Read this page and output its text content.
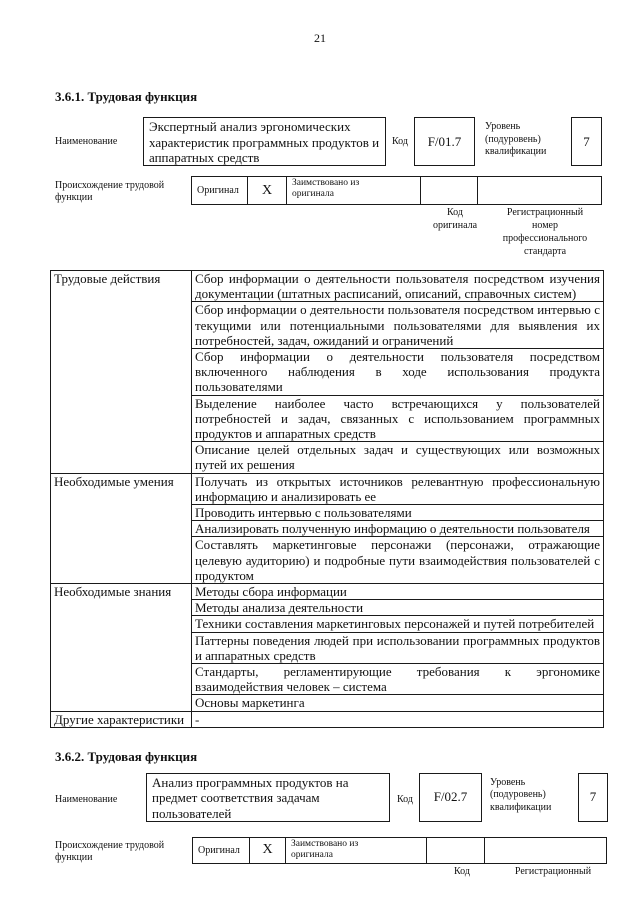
21
3.6.1. Трудовая функция
Наименование
Экспертный анализ эргономических характеристик программных продуктов и аппаратных средств
Код F/01.7
Уровень (подуровень) квалификации
7
Происхождение трудовой функции
Оригинал X Заимствовано из оригинала
Код оригинала
Регистрационный номер профессионального стандарта
Трудовые действия	Сбор информации о деятельности пользователя посредством изучения документации (штатных расписаний, описаний, справочных систем)
	Сбор информации о деятельности пользователя посредством интервью с текущими или потенциальными пользователями для выявления их потребностей, задач, ожиданий и ограничений
	Сбор информации о деятельности пользователя посредством включенного наблюдения в ходе использования продукта пользователями
	Выделение наиболее часто встречающихся у пользователей потребностей и задач, связанных с использованием программных продуктов и аппаратных средств
	Описание целей отдельных задач и существующих или возможных путей их решения
Необходимые умения	Получать из открытых источников релевантную профессиональную информацию и анализировать ее
	Проводить интервью с пользователями
	Анализировать полученную информацию о деятельности пользователя
	Составлять маркетинговые персонажи (персонажи, отражающие целевую аудиторию) и подробные пути взаимодействия пользователей с продуктом
Необходимые знания	Методы сбора информации
	Методы анализа деятельности
	Техники составления маркетинговых персонажей и путей потребителей
	Паттерны поведения людей при использовании программных продуктов и аппаратных средств
	Стандарты, регламентирующие требования к эргономике взаимодействия человек – система
	Основы маркетинга
Другие характеристики	-
3.6.2. Трудовая функция
Наименование
Анализ программных продуктов на предмет соответствия задачам пользователей
Код F/02.7
Уровень (подуровень) квалификации
7
Происхождение трудовой функции
Оригинал X Заимствовано из оригинала
Код	Регистрационный
